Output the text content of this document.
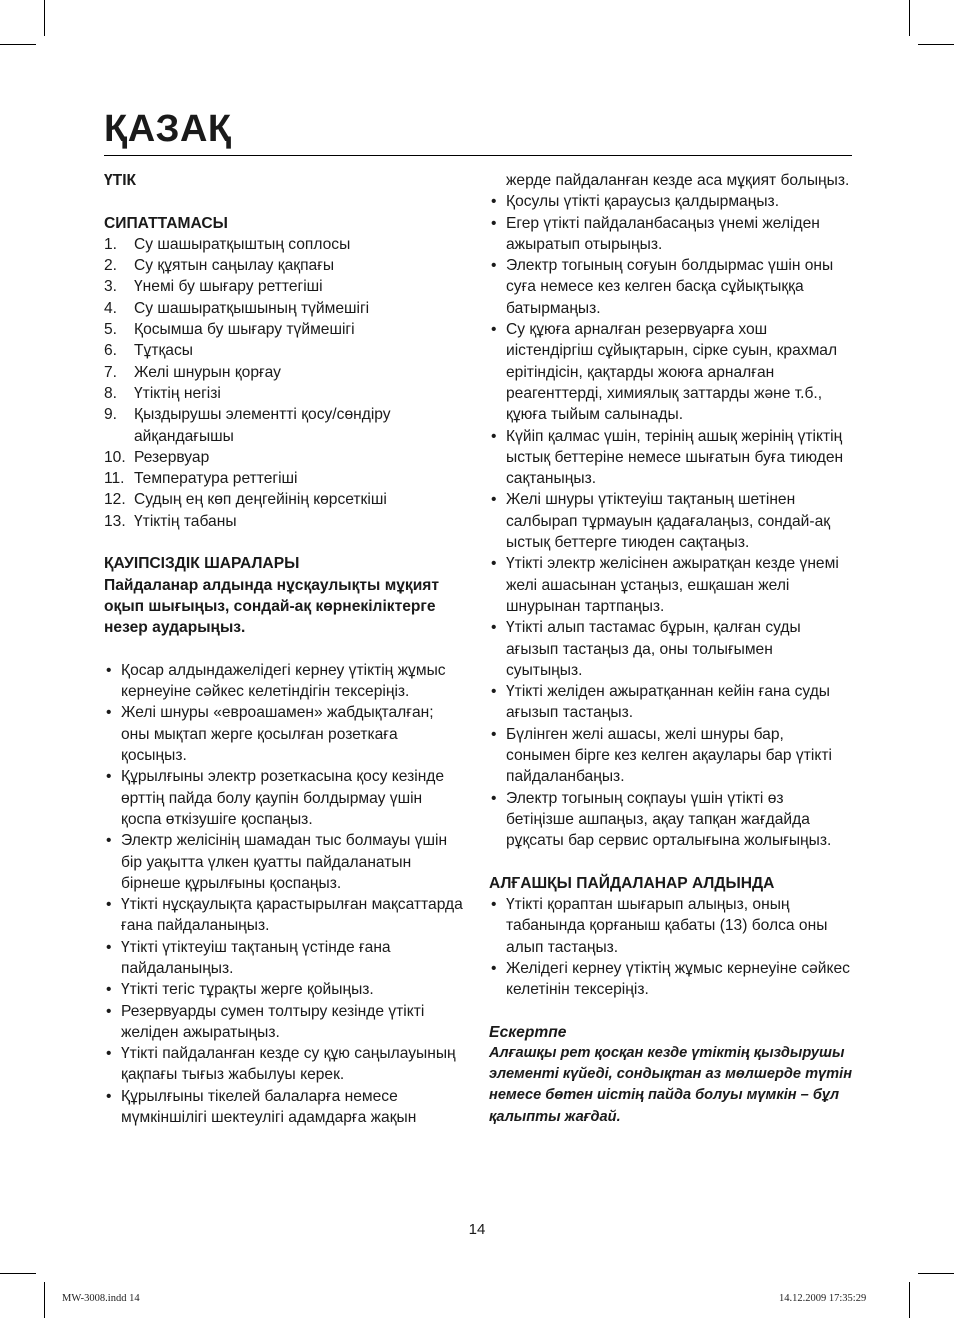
ҚАЗАҚ
ҮТІК
СИПАТТАМАСЫ
1. Су шашыратқыштың соплосы
2. Су құятын саңылау қақпағы
3. Үнемі бу шығару реттегіші
4. Су шашыратқышының түймешігі
5. Қосымша бу шығару түймешігі
6. Тұтқасы
7. Желі шнурын қорғау
8. Үтіктің негізі
9. Қыздырушы элементті қосу/сөндіру айқандағышы
10. Резервуар
11. Температура реттегіші
12. Судың ең көп деңгейінің көрсеткіші
13. Үтіктің табаны
ҚАУІПСІЗДІК ШАРАЛАРЫ
Пайдаланар алдында нұсқаулықты мұқият оқып шығыңыз, сондай-ақ көрнекіліктерге незер аударыңыз.
• Қосар алдындажелідегі кернеу үтіктің жұмыс кернеуіне сәйкес келетіндігін тексеріңіз.
• Желі шнуры «евроашамен» жабдықталған; оны мықтап жерге қосылған розеткаға қосыңыз.
• Құрылғыны электр розеткасына қосу кезінде өрттің пайда болу қаупін болдырмау үшін қоспа өткізушіге қоспаңыз.
• Электр желісінің шамадан тыс болмауы үшін бір уақытта үлкен қуатты пайдаланатын бірнеше құрылғыны қоспаңыз.
• Үтікті нұсқаулықта қарастырылған мақсаттарда ғана пайдаланыңыз.
• Үтікті үтіктеуіш тақтаның үстінде ғана пайдаланыңыз.
• Үтікті тегіс тұрақты жерге қойыңыз.
• Резервуарды сумен толтыру кезінде үтікті желіден ажыратыңыз.
• Үтікті пайдаланған кезде су құю саңылауының қақпағы тығыз жабылуы керек.
• Құрылғыны тікелей балаларға немесе мүмкіншілігі шектеулігі адамдарға жақын
жерде пайдаланған кезде аса мұқият болыңыз.
• Қосулы үтікті қараусыз қалдырмаңыз.
• Егер үтікті пайдаланбасаңыз үнемі желіден ажыратып отырыңыз.
• Электр тогының соғуын болдырмас үшін оны суға немесе кез келген басқа сұйықтыққа батырмаңыз.
• Су құюға арналған резервуарға хош иістендіргіш сұйықтарын, сірке суын, крахмал ерітіндісін, қақтарды жоюға арналған реагенттерді, химиялық заттарды және т.б., құюға тыйым салынады.
• Күйіп қалмас үшін, терінің ашық жерінің үтіктің ыстық беттеріне немесе шығатын буға тиюден сақтаныңыз.
• Желі шнуры үтіктеуіш тақтаның шетінен салбырап тұрмауын қадағалаңыз, сондай-ақ ыстық беттерге тиюден сақтаңыз.
• Үтікті электр желісінен ажыратқан кезде үнемі желі ашасынан ұстаңыз, ешқашан желі шнурынан тартпаңыз.
• Үтікті алып тастамас бұрын, қалған суды ағызып тастаңыз да, оны толығымен суытыңыз.
• Үтікті желіден ажыратқаннан кейін ғана суды ағызып тастаңыз.
• Бүлінген желі ашасы, желі шнуры бар, сонымен бірге кез келген ақаулары бар үтікті пайдаланбаңыз.
• Электр тогының соқпауы үшін үтікті өз бетіңізше ашпаңыз, ақау тапқан жағдайда рұқсаты бар сервис орталығына жолығыңыз.
АЛҒАШҚЫ ПАЙДАЛАНАР АЛДЫНДА
• Үтікті қораптан шығарып алыңыз, оның табанында қорғаныш қабаты (13) болса оны алып тастаңыз.
• Желідегі кернеу үтіктің жұмыс кернеуіне сәйкес келетінін тексеріңіз.
Ескертпе
Алғашқы рет қосқан кезде үтіктің қыздырушы элементі күйеді, сондықтан аз мөлшерде түтін немесе бөтен иістің пайда болуы мүмкін – бұл қалыпты жағдай.
14
MW-3008.indd 14	14.12.2009 17:35:29
